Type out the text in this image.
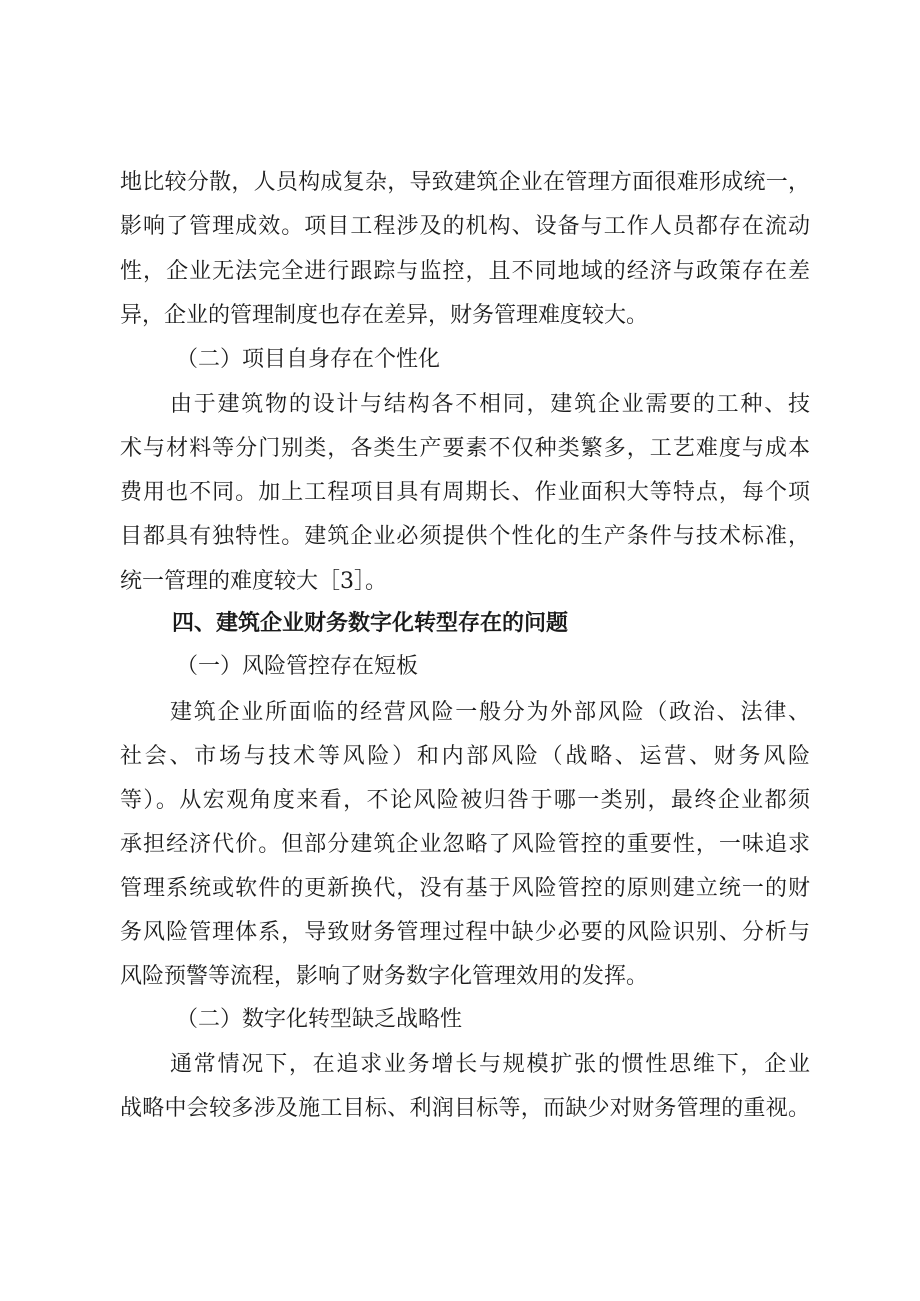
地比较分散，人员构成复杂，导致建筑企业在管理方面很难形成统一，
影响了管理成效。项目工程涉及的机构、设备与工作人员都存在流动
性，企业无法完全进行跟踪与监控，且不同地域的经济与政策存在差
异，企业的管理制度也存在差异，财务管理难度较大。
（二）项目自身存在个性化
由于建筑物的设计与结构各不相同，建筑企业需要的工种、技
术与材料等分门别类，各类生产要素不仅种类繁多，工艺难度与成本
费用也不同。加上工程项目具有周期长、作业面积大等特点，每个项
目都具有独特性。建筑企业必须提供个性化的生产条件与技术标准，
统一管理的难度较大［3］。
四、建筑企业财务数字化转型存在的问题
（一）风险管控存在短板
建筑企业所面临的经营风险一般分为外部风险（政治、法律、
社会、市场与技术等风险）和内部风险（战略、运营、财务风险
等）。从宏观角度来看，不论风险被归咎于哪一类别，最终企业都须
承担经济代价。但部分建筑企业忽略了风险管控的重要性，一味追求
管理系统或软件的更新换代，没有基于风险管控的原则建立统一的财
务风险管理体系，导致财务管理过程中缺少必要的风险识别、分析与
风险预警等流程，影响了财务数字化管理效用的发挥。
（二）数字化转型缺乏战略性
通常情况下，在追求业务增长与规模扩张的惯性思维下，企业
战略中会较多涉及施工目标、利润目标等，而缺少对财务管理的重视。
